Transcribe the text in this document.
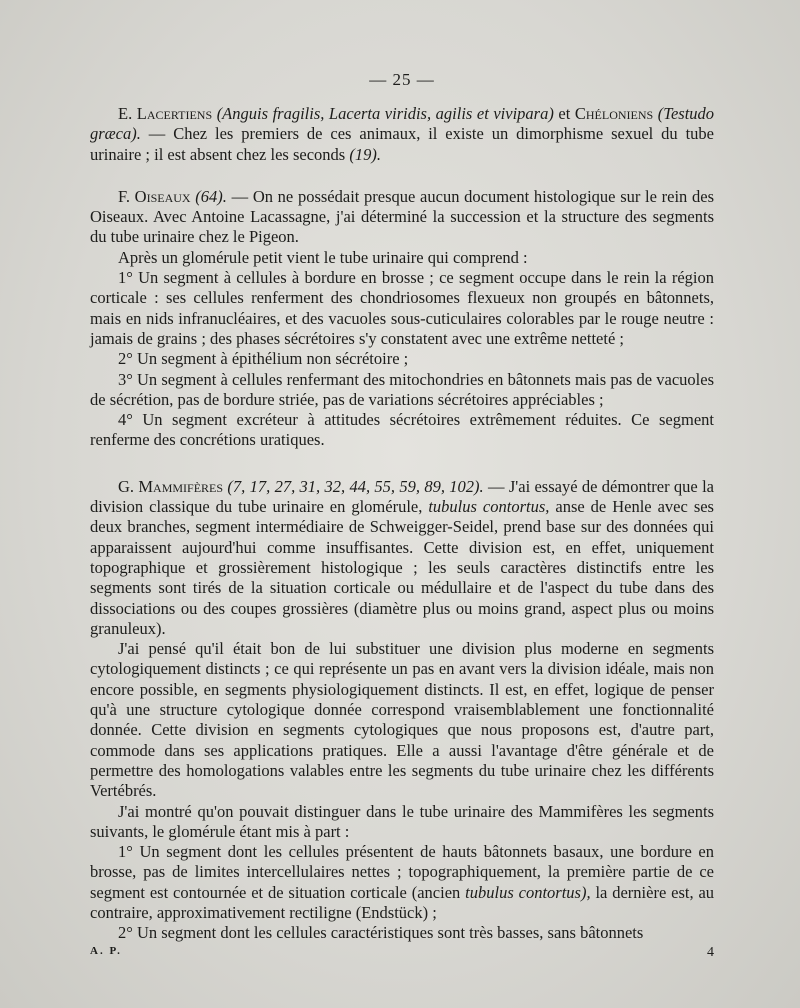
— 25 —

E. Lacertiens (Anguis fragilis, Lacerta viridis, agilis et vivipara) et Chéloniens (Testudo græca). — Chez les premiers de ces animaux, il existe un dimorphisme sexuel du tube urinaire ; il est absent chez les seconds (19).

F. Oiseaux (64). — On ne possédait presque aucun document histologique sur le rein des Oiseaux. Avec Antoine Lacassagne, j'ai déterminé la succession et la structure des segments du tube urinaire chez le Pigeon.

Après un glomérule petit vient le tube urinaire qui comprend :

1° Un segment à cellules à bordure en brosse ; ce segment occupe dans le rein la région corticale : ses cellules renferment des chondriosomes flexueux non groupés en bâtonnets, mais en nids infranucléaires, et des vacuoles sous-cuticulaires colorables par le rouge neutre : jamais de grains ; des phases sécrétoires s'y constatent avec une extrême netteté ;

2° Un segment à épithélium non sécrétoire ;

3° Un segment à cellules renfermant des mitochondries en bâtonnets mais pas de vacuoles de sécrétion, pas de bordure striée, pas de variations sécrétoires appréciables ;

4° Un segment excréteur à attitudes sécrétoires extrêmement réduites. Ce segment renferme des concrétions uratiques.

G. Mammifères (7, 17, 27, 31, 32, 44, 55, 59, 89, 102). — J'ai essayé de démontrer que la division classique du tube urinaire en glomérule, tubulus contortus, anse de Henle avec ses deux branches, segment intermédiaire de Schweigger-Seidel, prend base sur des données qui apparaissent aujourd'hui comme insuffisantes. Cette division est, en effet, uniquement topographique et grossièrement histologique ; les seuls caractères distinctifs entre les segments sont tirés de la situation corticale ou médullaire et de l'aspect du tube dans des dissociations ou des coupes grossières (diamètre plus ou moins grand, aspect plus ou moins granuleux).

J'ai pensé qu'il était bon de lui substituer une division plus moderne en segments cytologiquement distincts ; ce qui représente un pas en avant vers la division idéale, mais non encore possible, en segments physiologiquement distincts. Il est, en effet, logique de penser qu'à une structure cytologique donnée correspond vraisemblablement une fonctionnalité donnée. Cette division en segments cytologiques que nous proposons est, d'autre part, commode dans ses applications pratiques. Elle a aussi l'avantage d'être générale et de permettre des homologations valables entre les segments du tube urinaire chez les différents Vertébrés.

J'ai montré qu'on pouvait distinguer dans le tube urinaire des Mammifères les segments suivants, le glomérule étant mis à part :

1° Un segment dont les cellules présentent de hauts bâtonnets basaux, une bordure en brosse, pas de limites intercellulaires nettes ; topographiquement, la première partie de ce segment est contournée et de situation corticale (ancien tubulus contortus), la dernière est, au contraire, approximativement rectiligne (Endstück) ;

2° Un segment dont les cellules caractéristiques sont très basses, sans bâtonnets

A. P.	4
